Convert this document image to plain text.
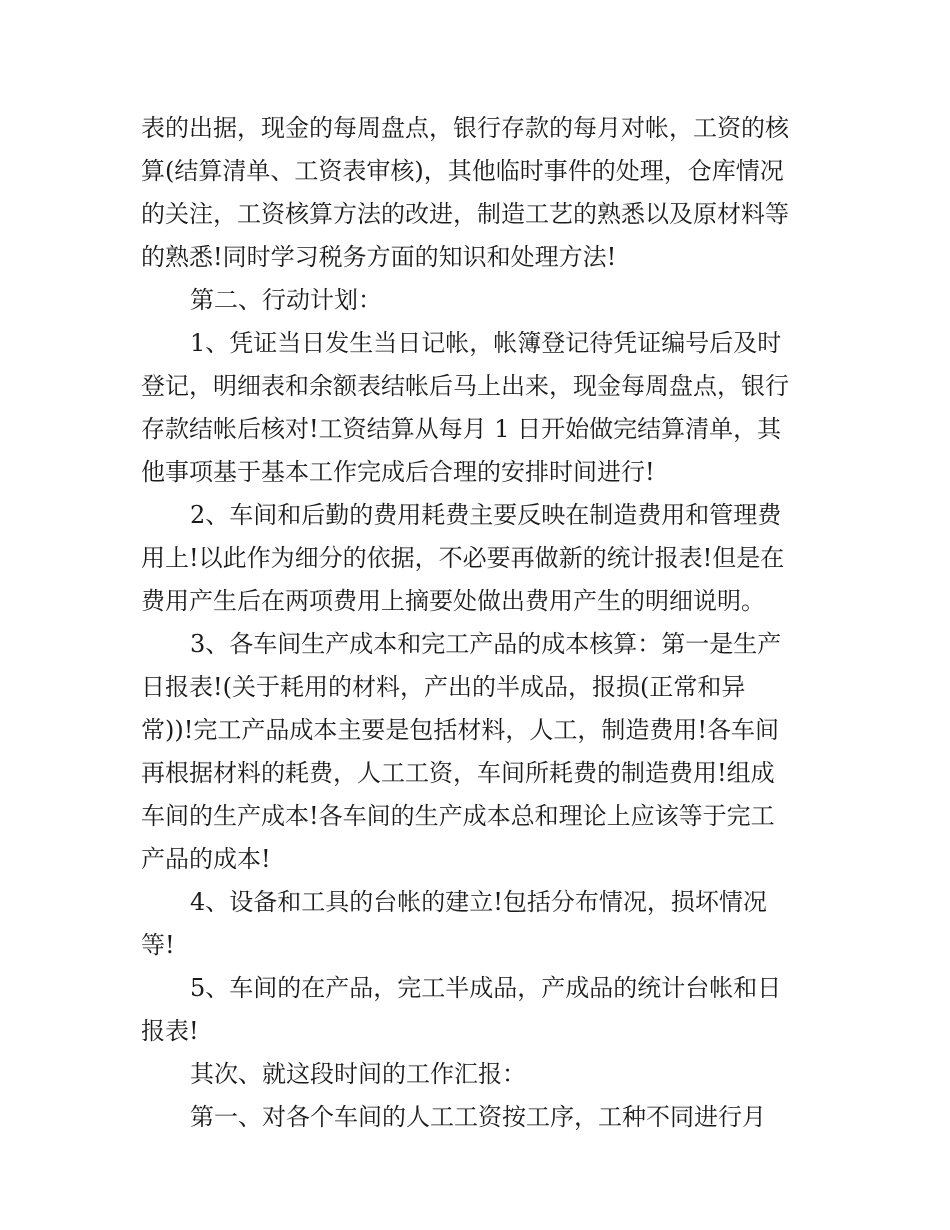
表的出据，现金的每周盘点，银行存款的每月对帐，工资的核

算(结算清单、工资表审核)，其他临时事件的处理，仓库情况

的关注，工资核算方法的改进，制造工艺的熟悉以及原材料等

的熟悉!同时学习税务方面的知识和处理方法!

第二、行动计划：

1、凭证当日发生当日记帐，帐簿登记待凭证编号后及时

登记，明细表和余额表结帐后马上出来，现金每周盘点，银行

存款结帐后核对!工资结算从每月 1 日开始做完结算清单，其

他事项基于基本工作完成后合理的安排时间进行!

2、车间和后勤的费用耗费主要反映在制造费用和管理费

用上!以此作为细分的依据，不必要再做新的统计报表!但是在

费用产生后在两项费用上摘要处做出费用产生的明细说明。

3、各车间生产成本和完工产品的成本核算：第一是生产

日报表!(关于耗用的材料，产出的半成品，报损(正常和异

常))!完工产品成本主要是包括材料，人工，制造费用!各车间

再根据材料的耗费，人工工资，车间所耗费的制造费用!组成

车间的生产成本!各车间的生产成本总和理论上应该等于完工

产品的成本!

4、设备和工具的台帐的建立!包括分布情况，损坏情况

等!

5、车间的在产品，完工半成品，产成品的统计台帐和日

报表!

其次、就这段时间的工作汇报：

第一、对各个车间的人工工资按工序，工种不同进行月
